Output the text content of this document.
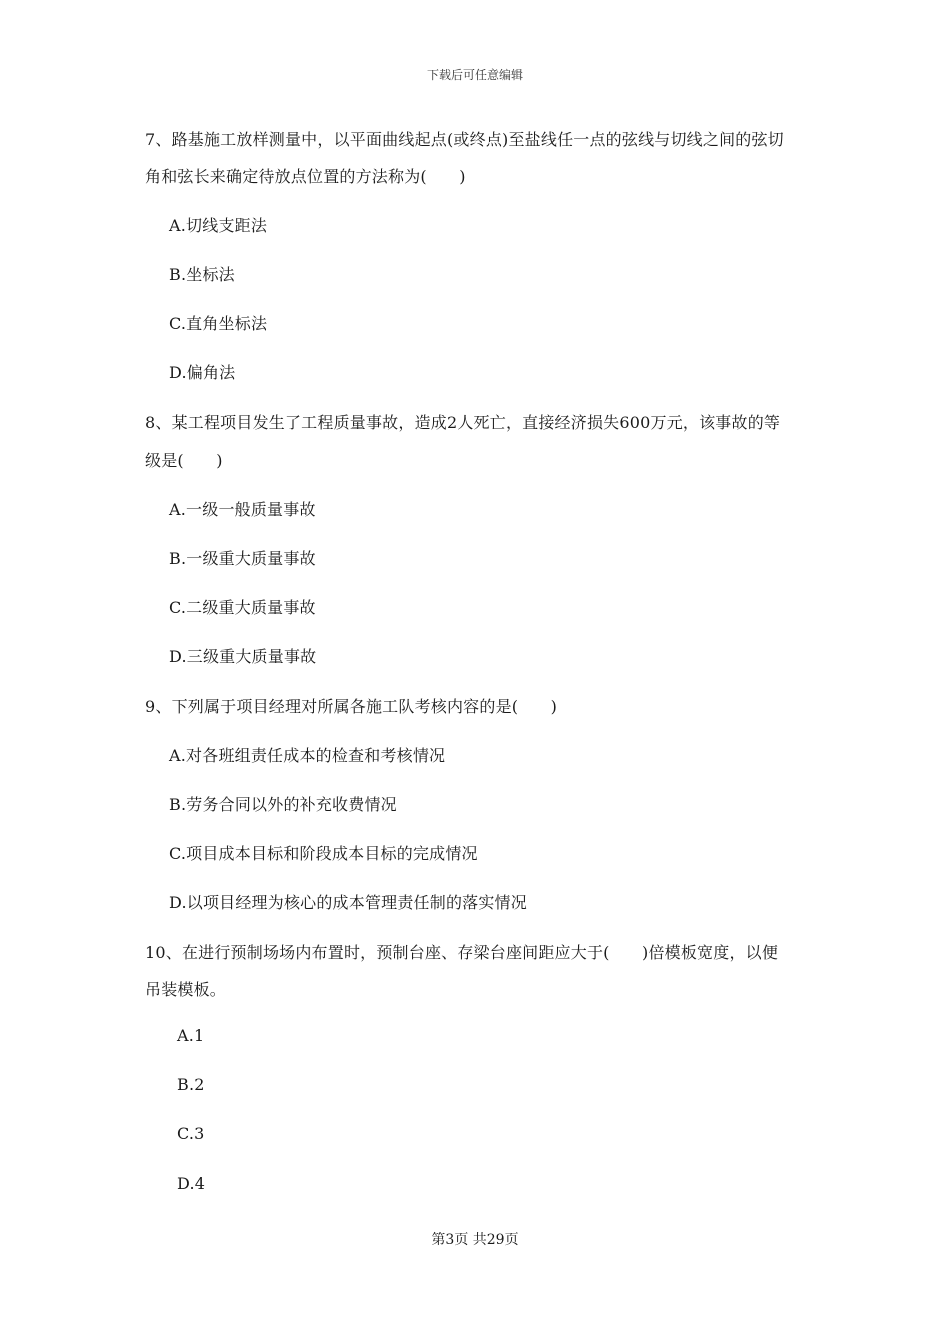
下载后可任意编辑
7、路基施工放样测量中，以平面曲线起点(或终点)至盐线任一点的弦线与切线之间的弦切
角和弦长来确定待放点位置的方法称为(　　)
A.切线支距法
B.坐标法
C.直角坐标法
D.偏角法
8、某工程项目发生了工程质量事故，造成2人死亡，直接经济损失600万元，该事故的等
级是(　　)
A.一级一般质量事故
B.一级重大质量事故
C.二级重大质量事故
D.三级重大质量事故
9、下列属于项目经理对所属各施工队考核内容的是(　　)
A.对各班组责任成本的检查和考核情况
B.劳务合同以外的补充收费情况
C.项目成本目标和阶段成本目标的完成情况
D.以项目经理为核心的成本管理责任制的落实情况
10、在进行预制场场内布置时，预制台座、存梁台座间距应大于(　　)倍模板宽度，以便
吊装模板。
A.1
B.2
C.3
D.4
第3页 共29页
